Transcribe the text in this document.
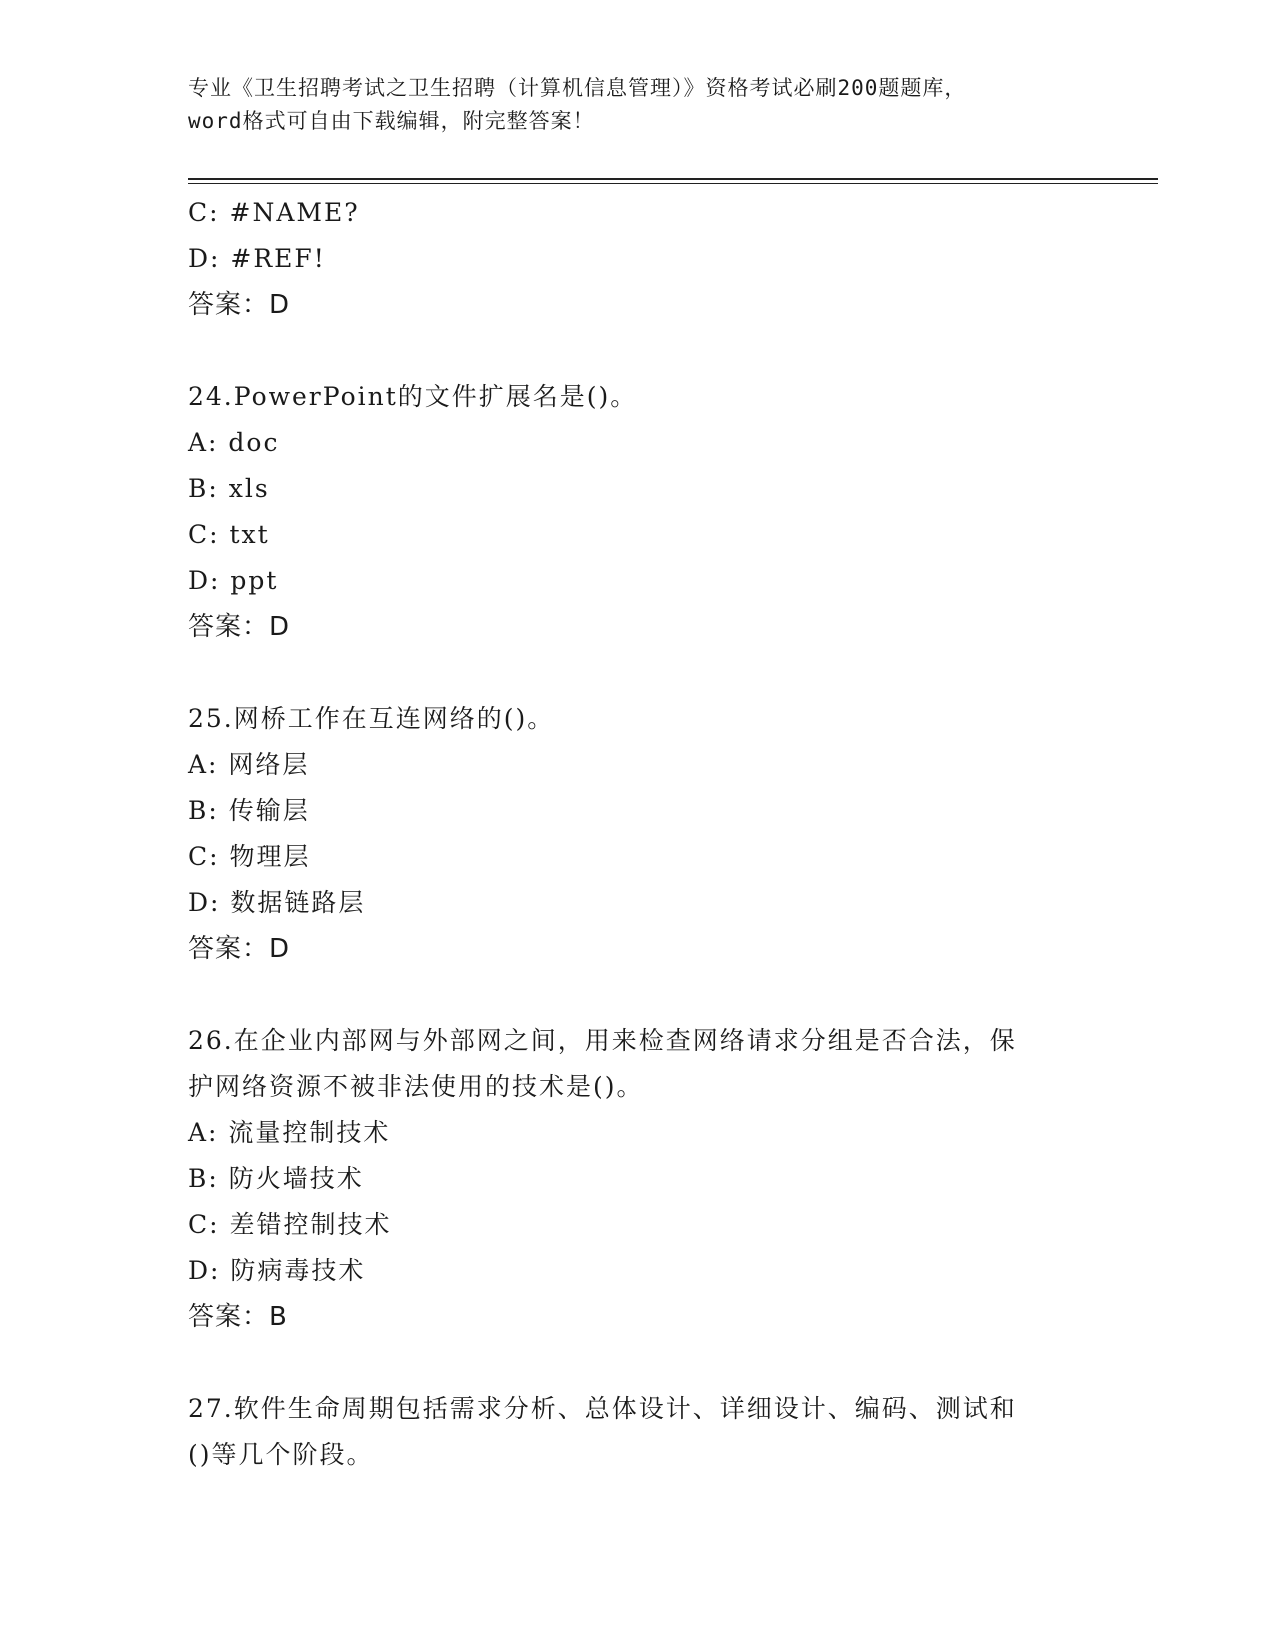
专业《卫生招聘考试之卫生招聘（计算机信息管理）》资格考试必刷200题题库，
word格式可自由下载编辑，附完整答案！
C: #NAME?
D: #REF!
答案：D
24.PowerPoint的文件扩展名是()。
A: doc
B: xls
C: txt
D: ppt
答案：D
25.网桥工作在互连网络的()。
A: 网络层
B: 传输层
C: 物理层
D: 数据链路层
答案：D
26.在企业内部网与外部网之间，用来检查网络请求分组是否合法，保
护网络资源不被非法使用的技术是()。
A: 流量控制技术
B: 防火墙技术
C: 差错控制技术
D: 防病毒技术
答案：B
27.软件生命周期包括需求分析、总体设计、详细设计、编码、测试和
()等几个阶段。
